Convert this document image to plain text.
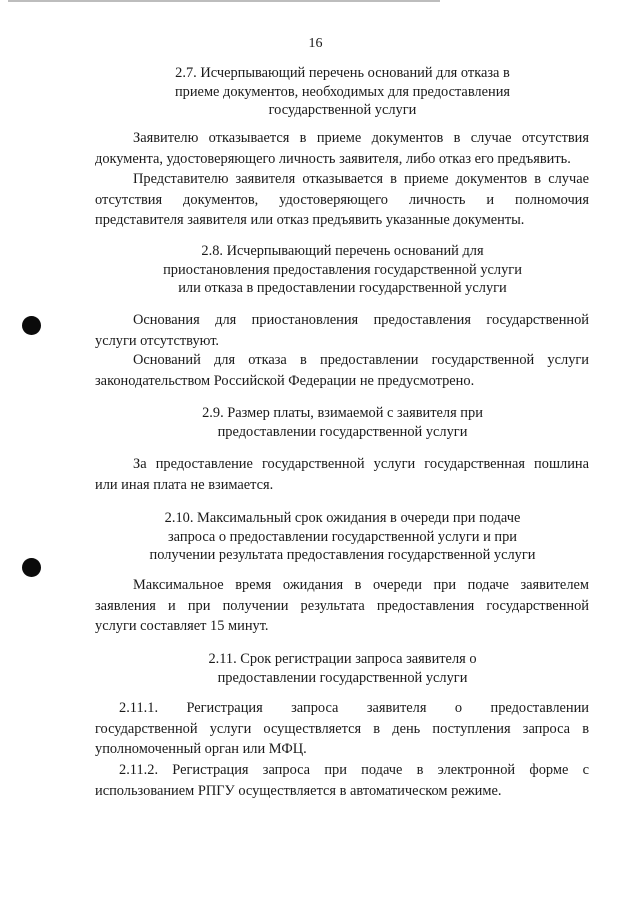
16
2.7. Исчерпывающий перечень оснований для отказа в
приеме документов, необходимых для предоставления
государственной услуги
Заявителю отказывается в приеме документов в случае отсутствия
документа, удостоверяющего личность заявителя, либо отказ его предъявить.
Представителю заявителя отказывается в приеме документов в случае
отсутствия документов, удостоверяющего личность и полномочия
представителя заявителя или отказ предъявить указанные документы.
2.8. Исчерпывающий перечень оснований для
приостановления предоставления государственной услуги
или отказа в предоставлении государственной услуги
Основания для приостановления предоставления государственной
услуги отсутствуют.
Оснований для отказа в предоставлении государственной услуги
законодательством Российской Федерации не предусмотрено.
2.9. Размер платы, взимаемой с заявителя при
предоставлении государственной услуги
За предоставление государственной услуги государственная пошлина
или иная плата не взимается.
2.10. Максимальный срок ожидания в очереди при подаче
запроса о предоставлении государственной услуги и при
получении результата предоставления государственной услуги
Максимальное время ожидания в очереди при подаче заявителем
заявления и при получении результата предоставления государственной
услуги составляет 15 минут.
2.11. Срок регистрации запроса заявителя о
предоставлении государственной услуги
2.11.1. Регистрация запроса заявителя о предоставлении
государственной услуги осуществляется в день поступления запроса в
уполномоченный орган или МФЦ.
2.11.2. Регистрация запроса при подаче в электронной форме с
использованием РПГУ осуществляется в автоматическом режиме.
